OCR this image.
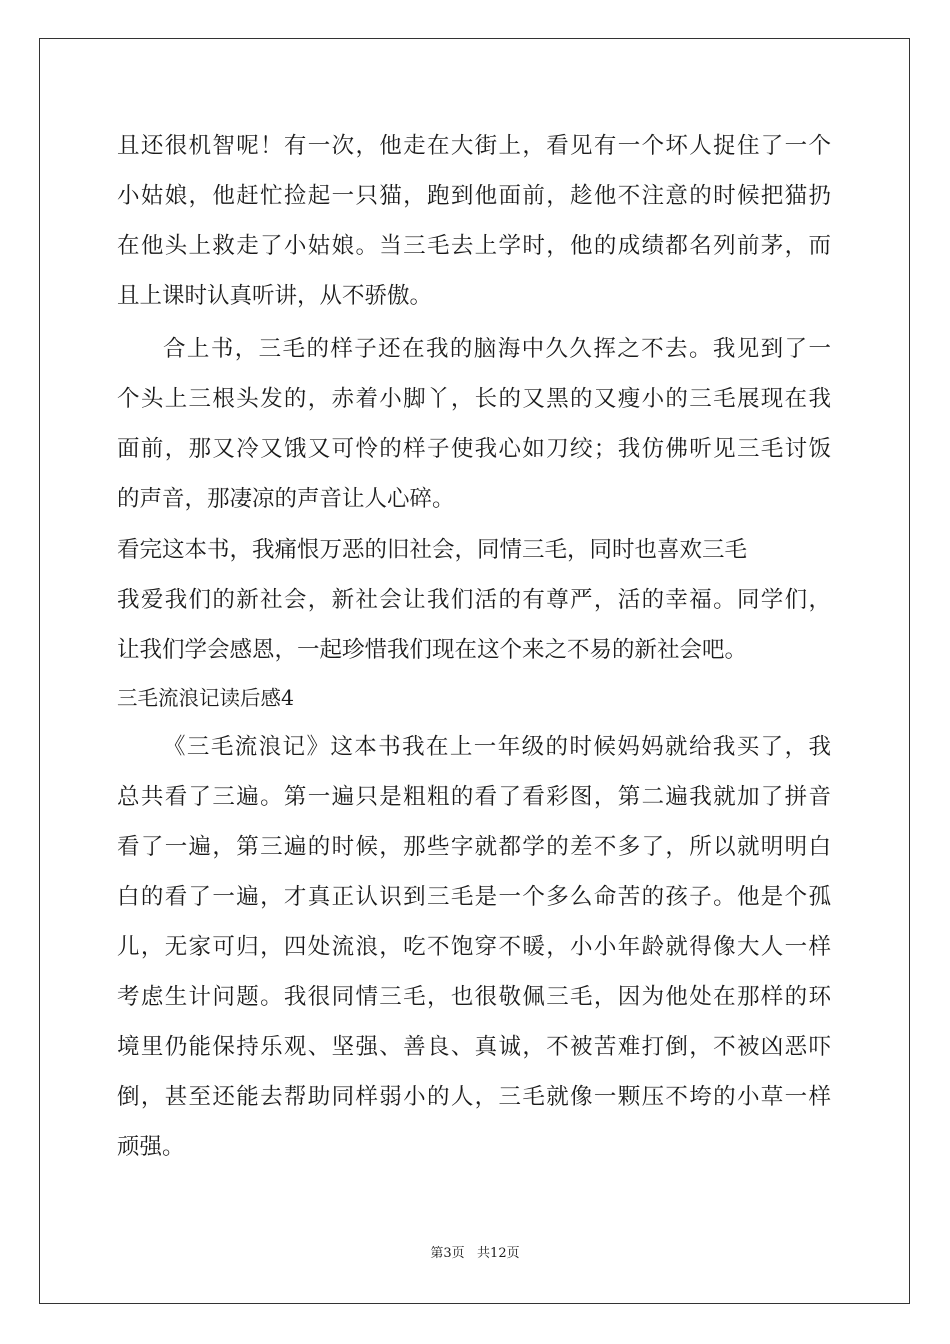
且还很机智呢！有一次，他走在大街上，看见有一个坏人捉住了一个
小姑娘，他赶忙捡起一只猫，跑到他面前，趁他不注意的时候把猫扔
在他头上救走了小姑娘。当三毛去上学时，他的成绩都名列前茅，而
且上课时认真听讲，从不骄傲。
合上书，三毛的样子还在我的脑海中久久挥之不去。我见到了一
个头上三根头发的，赤着小脚丫，长的又黑的又瘦小的三毛展现在我
面前，那又冷又饿又可怜的样子使我心如刀绞；我仿佛听见三毛讨饭
的声音，那凄凉的声音让人心碎。
看完这本书，我痛恨万恶的旧社会，同情三毛，同时也喜欢三毛
我爱我们的新社会，新社会让我们活的有尊严，活的幸福。同学们，
让我们学会感恩，一起珍惜我们现在这个来之不易的新社会吧。
三毛流浪记读后感4
《三毛流浪记》这本书我在上一年级的时候妈妈就给我买了，我
总共看了三遍。第一遍只是粗粗的看了看彩图，第二遍我就加了拼音
看了一遍，第三遍的时候，那些字就都学的差不多了，所以就明明白
白的看了一遍，才真正认识到三毛是一个多么命苦的孩子。他是个孤
儿，无家可归，四处流浪，吃不饱穿不暖，小小年龄就得像大人一样
考虑生计问题。我很同情三毛，也很敬佩三毛，因为他处在那样的环
境里仍能保持乐观、坚强、善良、真诚，不被苦难打倒，不被凶恶吓
倒，甚至还能去帮助同样弱小的人，三毛就像一颗压不垮的小草一样
顽强。
第3页   共12页
